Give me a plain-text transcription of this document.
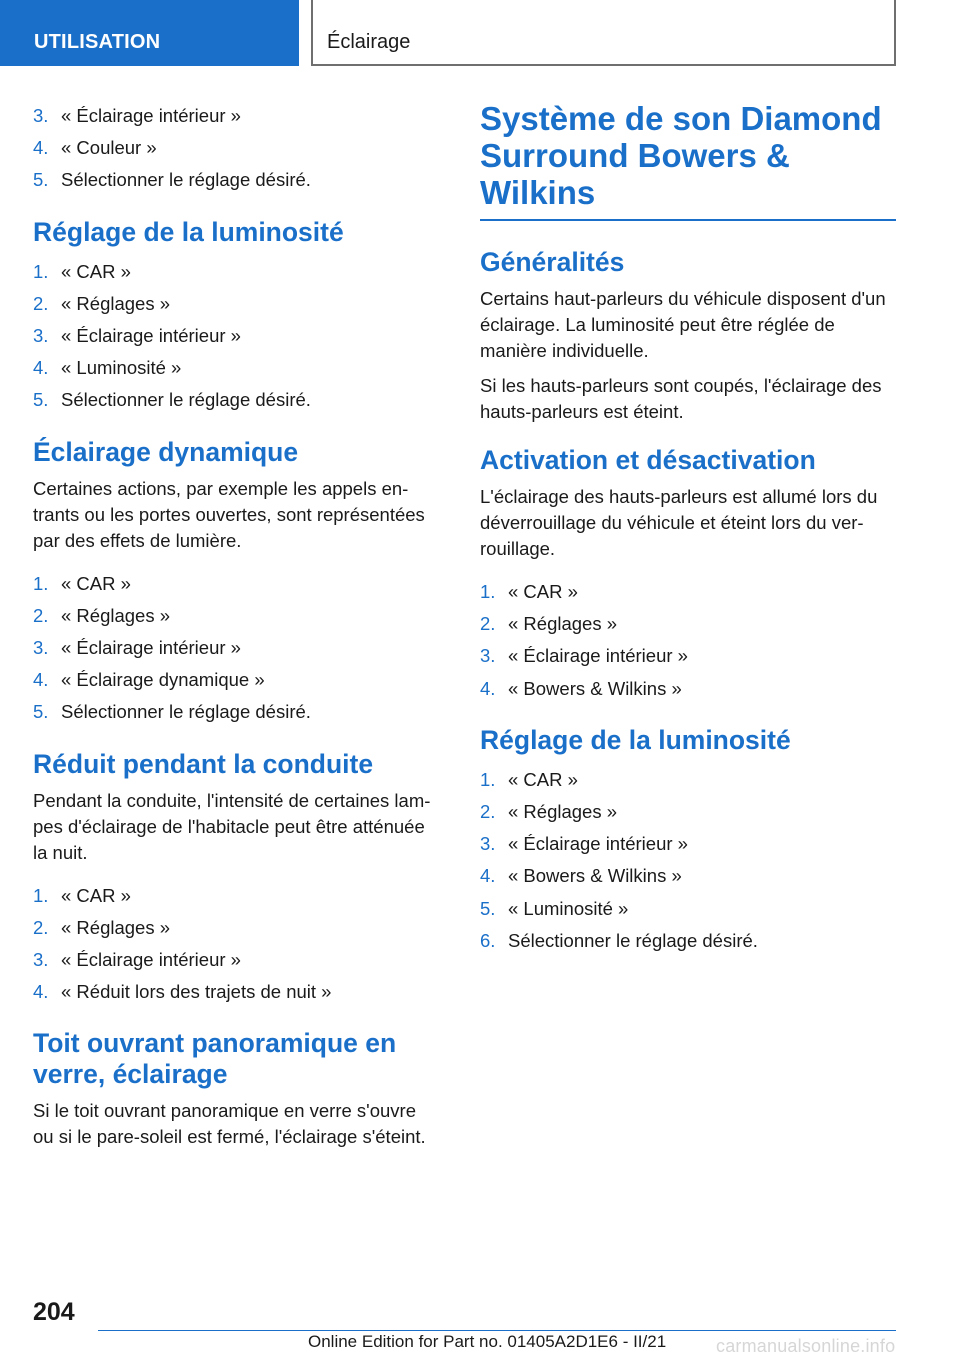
UTILISATION	Éclairage
3. « Éclairage intérieur »
4. « Couleur »
5. Sélectionner le réglage désiré.
Réglage de la luminosité
1. « CAR »
2. « Réglages »
3. « Éclairage intérieur »
4. « Luminosité »
5. Sélectionner le réglage désiré.
Éclairage dynamique

Certaines actions, par exemple les appels en-trants ou les portes ouvertes, sont représentées par des effets de lumière.

1. « CAR »
2. « Réglages »
3. « Éclairage intérieur »
4. « Éclairage dynamique »
5. Sélectionner le réglage désiré.
Réduit pendant la conduite

Pendant la conduite, l'intensité de certaines lam-pes d'éclairage de l'habitacle peut être atténuée la nuit.

1. « CAR »
2. « Réglages »
3. « Éclairage intérieur »
4. « Réduit lors des trajets de nuit »
Toit ouvrant panoramique en verre, éclairage

Si le toit ouvrant panoramique en verre s'ouvre ou si le pare-soleil est fermé, l'éclairage s'éteint.

Système de son Diamond Surround Bowers & Wilkins
Généralités

Certains haut-parleurs du véhicule disposent d'un éclairage. La luminosité peut être réglée de manière individuelle.

Si les hauts-parleurs sont coupés, l'éclairage des hauts-parleurs est éteint.

Activation et désactivation

L'éclairage des hauts-parleurs est allumé lors du déverrouillage du véhicule et éteint lors du ver-rouillage.

1. « CAR »
2. « Réglages »
3. « Éclairage intérieur »
4. « Bowers & Wilkins »
Réglage de la luminosité
1. « CAR »
2. « Réglages »
3. « Éclairage intérieur »
4. « Bowers & Wilkins »
5. « Luminosité »
6. Sélectionner le réglage désiré.
204
Online Edition for Part no. 01405A2D1E6 - II/21	carmanualsonline.info
